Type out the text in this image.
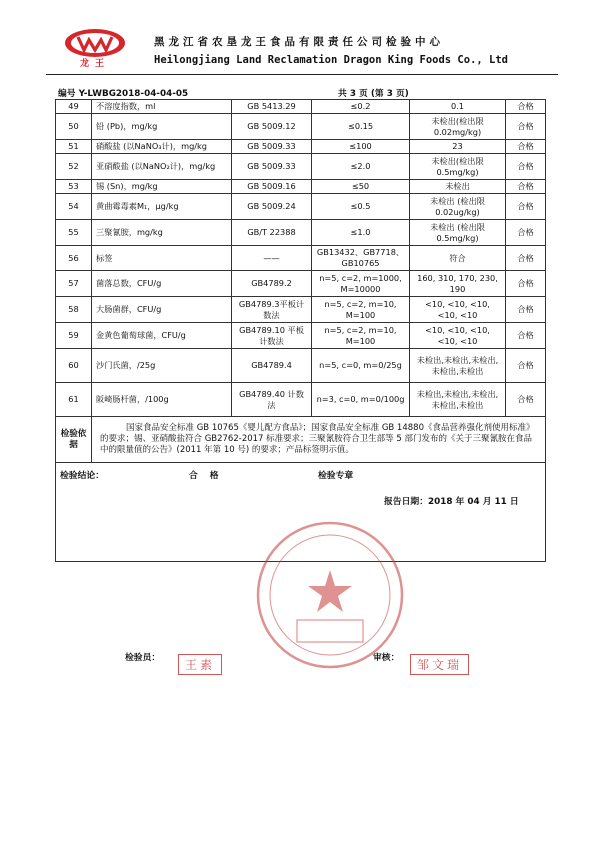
龙王
黑龙江省农垦龙王食品有限责任公司检验中心
Heilongjiang Land Reclamation Dragon King Foods Co., Ltd
编号 Y-LWBG2018-04-04-05	共 3 页 (第 3 页)
49	不溶度指数，ml	GB 5413.29	≤0.2	0.1	合格
50	铅 (Pb)，mg/kg	GB 5009.12	≤0.15	未检出(检出限0.02mg/kg)	合格
51	硝酸盐 (以NaNO₃计)，mg/kg	GB 5009.33	≤100	23	合格
52	亚硝酸盐 (以NaNO₂计)，mg/kg	GB 5009.33	≤2.0	未检出(检出限0.5mg/kg)	合格
53	锡 (Sn)，mg/kg	GB 5009.16	≤50	未检出	合格
54	黄曲霉毒素M₁，μg/kg	GB 5009.24	≤0.5	未检出 (检出限0.02ug/kg)	合格
55	三聚氰胺，mg/kg	GB/T 22388	≤1.0	未检出 (检出限0.5mg/kg)	合格
56	标签	——	GB13432、GB7718、GB10765	符合	合格
57	菌落总数，CFU/g	GB4789.2	n=5, c=2, m=1000, M=10000	160, 310, 170, 230, 190	合格
58	大肠菌群，CFU/g	GB4789.3平板计数法	n=5, c=2, m=10, M=100	<10, <10, <10, <10, <10	合格
59	金黄色葡萄球菌，CFU/g	GB4789.10 平板计数法	n=5, c=2, m=10, M=100	<10, <10, <10, <10, <10	合格
60	沙门氏菌，/25g	GB4789.4	n=5, c=0, m=0/25g	未检出,未检出,未检出,未检出,未检出	合格
61	阪崎肠杆菌，/100g	GB4789.40 计数法	n=3, c=0, m=0/100g	未检出,未检出,未检出,未检出,未检出	合格
检验依据	国家食品安全标准 GB 10765《婴儿配方食品》；国家食品安全标准 GB 14880《食品营养强化剂使用标准》的要求；锡、亚硝酸盐符合 GB2762-2017 标准要求；三聚氰胺符合卫生部等 5 部门发布的《关于三聚氰胺在食品中的限量值的公告》(2011 年第 10 号) 的要求；产品标签明示值。				

检验结论： 合格 检验专章
报告日期：2018 年 04 月 11 日					
检验员：	王素	审核：	邹文瑞
